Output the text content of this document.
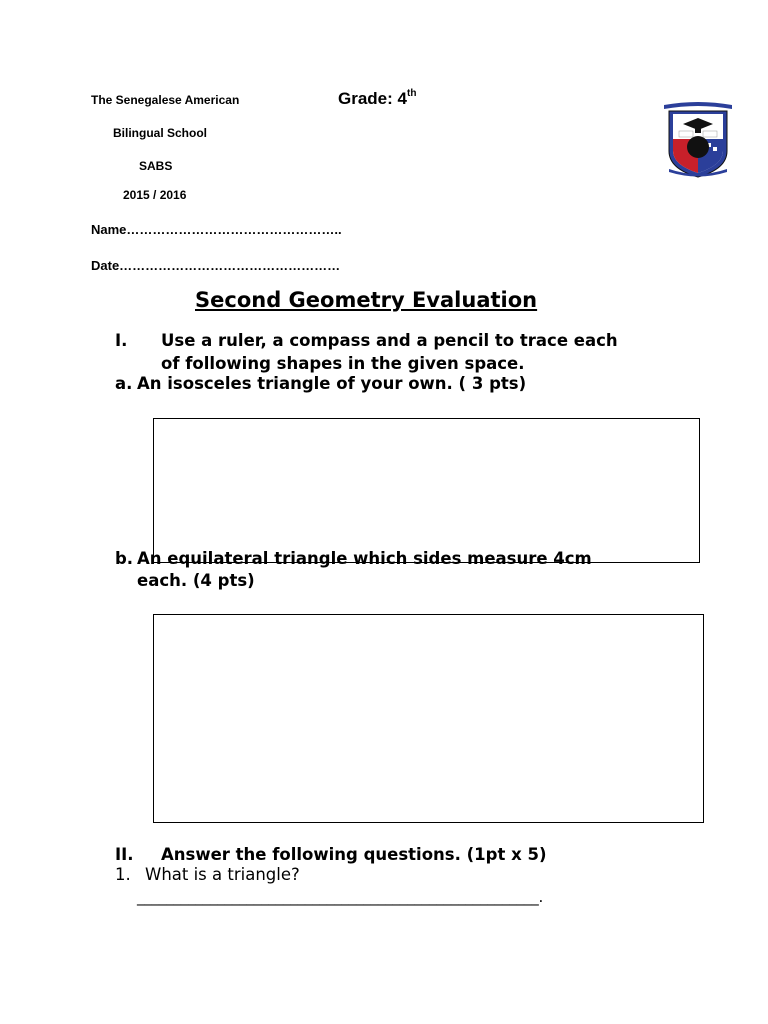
The Senegalese American
Bilingual School
SABS
2015 / 2016
Grade: 4th
Name…………………………………………..
Date……………………………………………
Second Geometry Evaluation
I. Use a ruler, a compass and a pencil to trace each
of following shapes in the given space.
a. An isosceles triangle of your own. ( 3 pts)
b. An equilateral triangle which sides measure 4cm
each. (4 pts)
II. Answer the following questions. (1pt x 5)
1. What is a triangle?
_______________________________________________________.
